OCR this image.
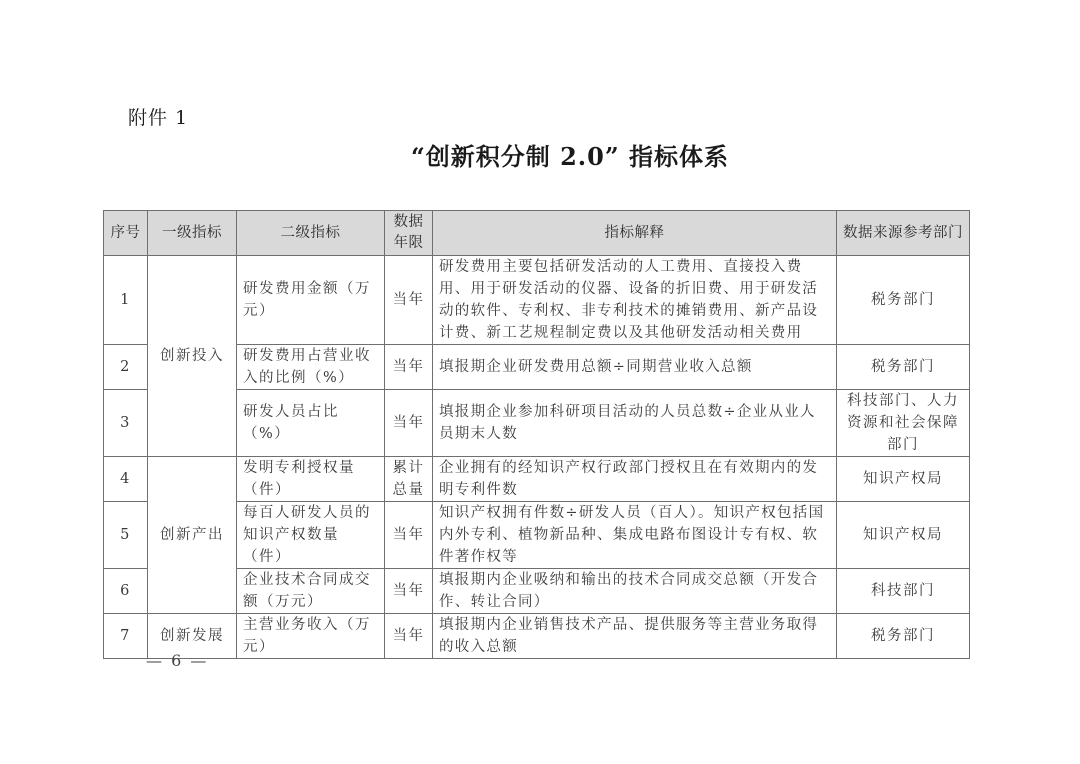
附件 1
“创新积分制 2.0” 指标体系
序号	一级指标	二级指标	数据年限	指标解释	数据来源参考部门
1	创新投入	研发费用金额（万元）	当年	研发费用主要包括研发活动的人工费用、直接投入费用、用于研发活动的仪器、设备的折旧费、用于研发活动的软件、专利权、非专利技术的摊销费用、新产品设计费、新工艺规程制定费以及其他研发活动相关费用	税务部门
2		研发费用占营业收入的比例（%）	当年	填报期企业研发费用总额÷同期营业收入总额	税务部门
3		研发人员占比（%）	当年	填报期企业参加科研项目活动的人员总数÷企业从业人员期末人数	科技部门、人力资源和社会保障部门
4	创新产出	发明专利授权量（件）	累计总量	企业拥有的经知识产权行政部门授权且在有效期内的发明专利件数	知识产权局
5		每百人研发人员的知识产权数量（件）	当年	知识产权拥有件数÷研发人员（百人）。知识产权包括国内外专利、植物新品种、集成电路布图设计专有权、软件著作权等	知识产权局
6		企业技术合同成交额（万元）	当年	填报期内企业吸纳和输出的技术合同成交总额（开发合作、转让合同）	科技部门
7	创新发展	主营业务收入（万元）	当年	填报期内企业销售技术产品、提供服务等主营业务取得的收入总额	税务部门
— 6 —
